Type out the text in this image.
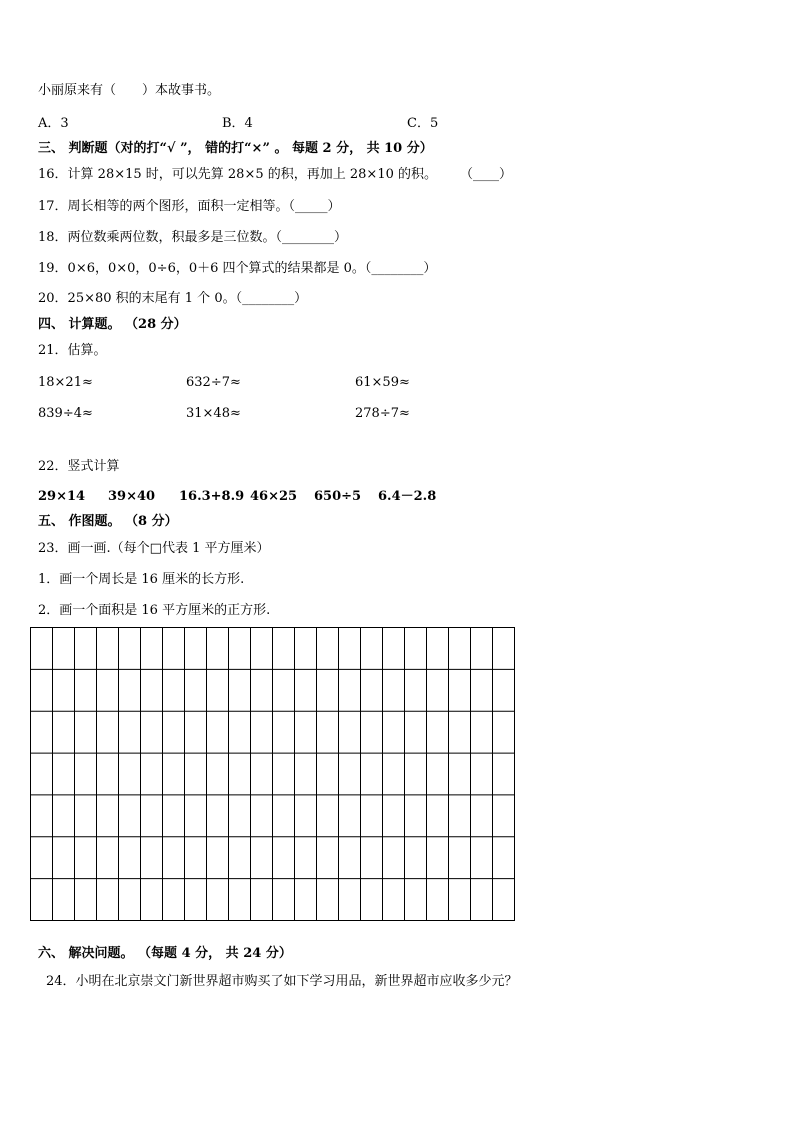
小丽原来有（　　）本故事书。
A．3	B．4	C．5
三、 判断题（对的打“√ ”， 错的打“×” 。 每题 2 分， 共 10 分）
16．计算 28×15 时，可以先算 28×5 的积，再加上 28×10 的积。 （____）
17．周长相等的两个图形，面积一定相等。（_____）
18．两位数乘两位数，积最多是三位数。（________）
19．0×6，0×0，0÷6，0＋6 四个算式的结果都是 0。（________）
20．25×80 积的末尾有 1 个 0。（________）
四、 计算题。 （28 分）
21．估算。
18×21≈	632÷7≈	61×59≈
839÷4≈	31×48≈	278÷7≈
22．竖式计算
29×14 39×40 16.3+8.9 46×25 650÷5 6.4－2.8
五、 作图题。 （8 分）
23．画一画.（每个□代表 1 平方厘米）
1．画一个周长是 16 厘米的长方形.
2．画一个面积是 16 平方厘米的正方形.
六、 解决问题。 （每题 4 分， 共 24 分）
24．小明在北京崇文门新世界超市购买了如下学习用品，新世界超市应收多少元？
